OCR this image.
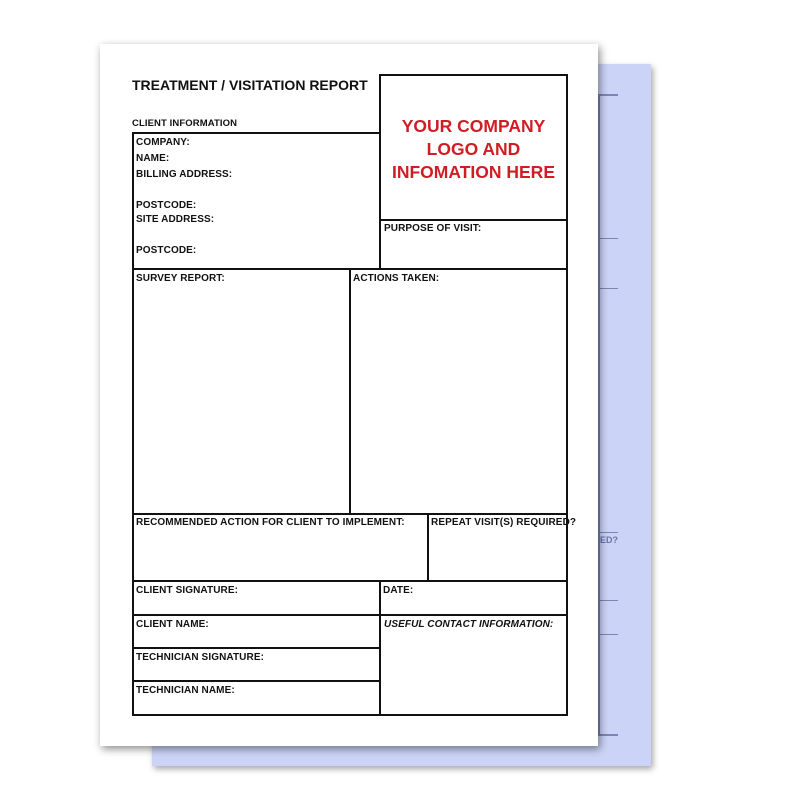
ED?
TREATMENT / VISITATION REPORT
CLIENT INFORMATION
COMPANY:
NAME:
BILLING ADDRESS:
POSTCODE:
SITE ADDRESS:
POSTCODE:
YOUR COMPANY
LOGO AND
INFOMATION HERE
PURPOSE OF VISIT:
SURVEY REPORT:	ACTIONS TAKEN:
RECOMMENDED ACTION FOR CLIENT TO IMPLEMENT:	REPEAT VISIT(S) REQUIRED?
CLIENT SIGNATURE:	DATE:
CLIENT NAME:	USEFUL CONTACT INFORMATION:
TECHNICIAN SIGNATURE:
TECHNICIAN NAME:
